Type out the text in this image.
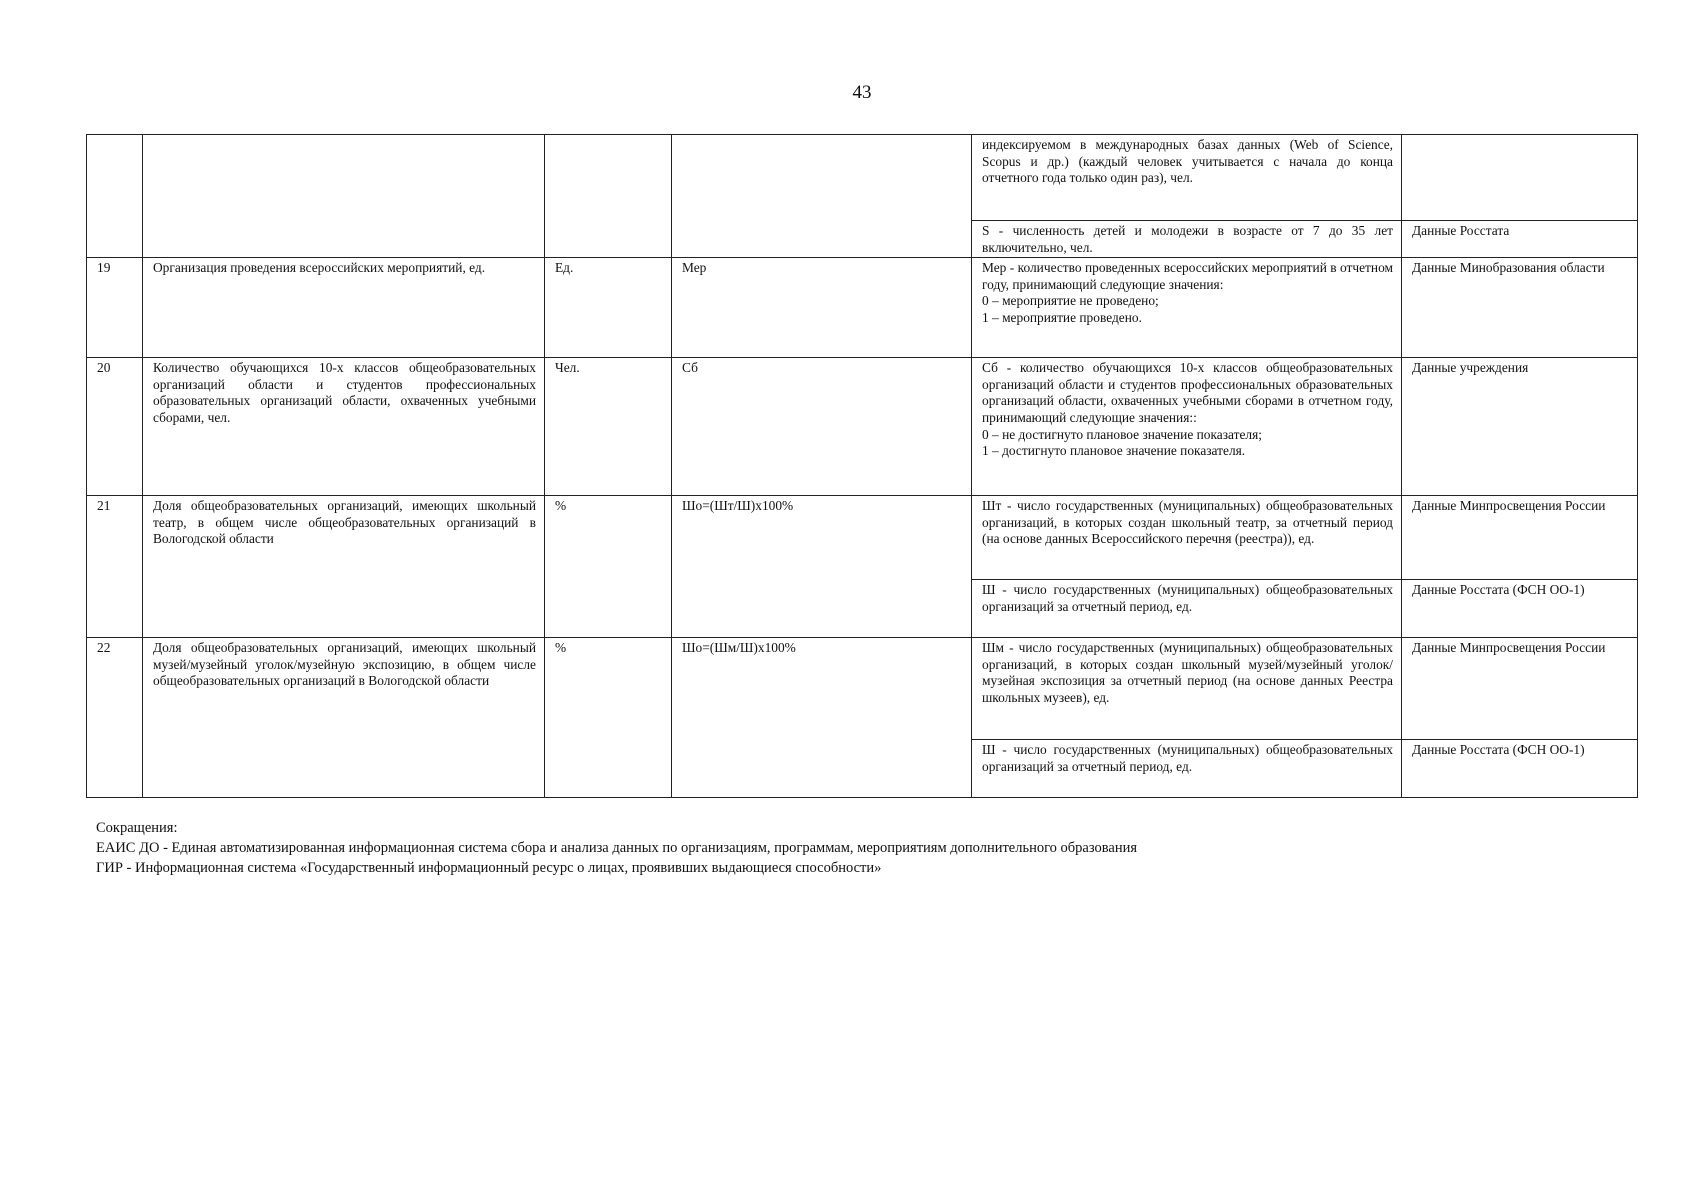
43
				индексируемом в международных базах данных (Web of Science, Scopus и др.) (каждый человек учитывается с начала до конца отчетного года только один раз), чел.	
				S - численность детей и молодежи в возрасте от 7 до 35 лет включительно, чел.	Данные Росстата
19	Организация проведения всероссийских мероприятий, ед.	Ед.	Мер	Мер - количество проведенных всероссийских мероприятий в отчетном году, принимающий следующие значения:
0 – мероприятие не проведено;
1 – мероприятие проведено.	Данные Минобразования области
20	Количество обучающихся 10-х классов общеобразовательных организаций области и студентов профессиональных образовательных организаций области, охваченных учебными сборами, чел.	Чел.	Сб	Сб - количество обучающихся 10-х классов общеобразовательных организаций области и студентов профессиональных образовательных организаций области, охваченных учебными сборами в отчетном году, принимающий следующие значения::
0 – не достигнуто плановое значение показателя;
1 – достигнуто плановое значение показателя.	Данные учреждения
21	Доля общеобразовательных организаций, имеющих школьный театр, в общем числе общеобразовательных организаций в Вологодской области	%	Шо=(Шт/Ш)х100%	Шт - число государственных (муниципальных) общеобразовательных организаций, в которых создан школьный театр, за отчетный период (на основе данных Всероссийского перечня (реестра)), ед.	Данные Минпросвещения России
				Ш - число государственных (муниципальных) общеобразовательных организаций за отчетный период, ед.	Данные Росстата (ФСН ОО-1)
22	Доля общеобразовательных организаций, имеющих школьный музей/музейный уголок/музейную экспозицию, в общем числе общеобразовательных организаций в Вологодской области	%	Шо=(Шм/Ш)х100%	Шм - число государственных (муниципальных) общеобразовательных организаций, в которых создан школьный музей/музейный уголок/музейная экспозиция за отчетный период (на основе данных Реестра школьных музеев), ед.	Данные Минпросвещения России
				Ш - число государственных (муниципальных) общеобразовательных организаций за отчетный период, ед.	Данные Росстата (ФСН ОО-1)
Сокращения:
ЕАИС ДО - Единая автоматизированная информационная система сбора и анализа данных по организациям, программам, мероприятиям дополнительного образования
ГИР - Информационная система «Государственный информационный ресурс о лицах, проявивших выдающиеся способности»
